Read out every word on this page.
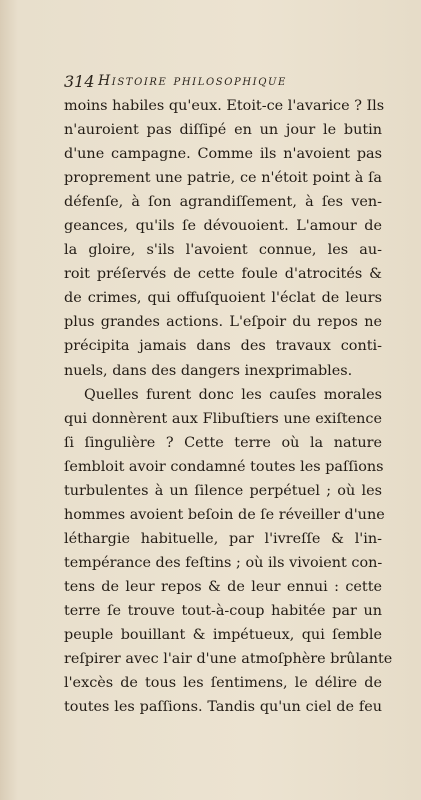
314 Histoire philosophique
moins habiles qu'eux. Etoit-ce l'avarice ? Ils
n'auroient pas diſſipé en un jour le butin
d'une campagne. Comme ils n'avoient pas
proprement une patrie, ce n'étoit point à ſa
défenſe, à ſon agrandiſſement, à ſes ven-
geances, qu'ils ſe dévouoient. L'amour de
la gloire, s'ils l'avoient connue, les au-
roit préſervés de cette foule d'atrocités &
de crimes, qui offuſquoient l'éclat de leurs
plus grandes actions. L'eſpoir du repos ne
précipita jamais dans des travaux conti-
nuels, dans des dangers inexprimables.
Quelles furent donc les cauſes morales
qui donnèrent aux Flibuſtiers une exiſtence
ſi ſingulière ? Cette terre où la nature
ſembloit avoir condamné toutes les paſſions
turbulentes à un ſilence perpétuel ; où les
hommes avoient beſoin de ſe réveiller d'une
léthargie habituelle, par l'ivreſſe & l'in-
tempérance des feſtins ; où ils vivoient con-
tens de leur repos & de leur ennui : cette
terre ſe trouve tout-à-coup habitée par un
peuple bouillant & impétueux, qui ſemble
reſpirer avec l'air d'une atmoſphère brûlante
l'excès de tous les ſentimens, le délire de
toutes les paſſions. Tandis qu'un ciel de feu
